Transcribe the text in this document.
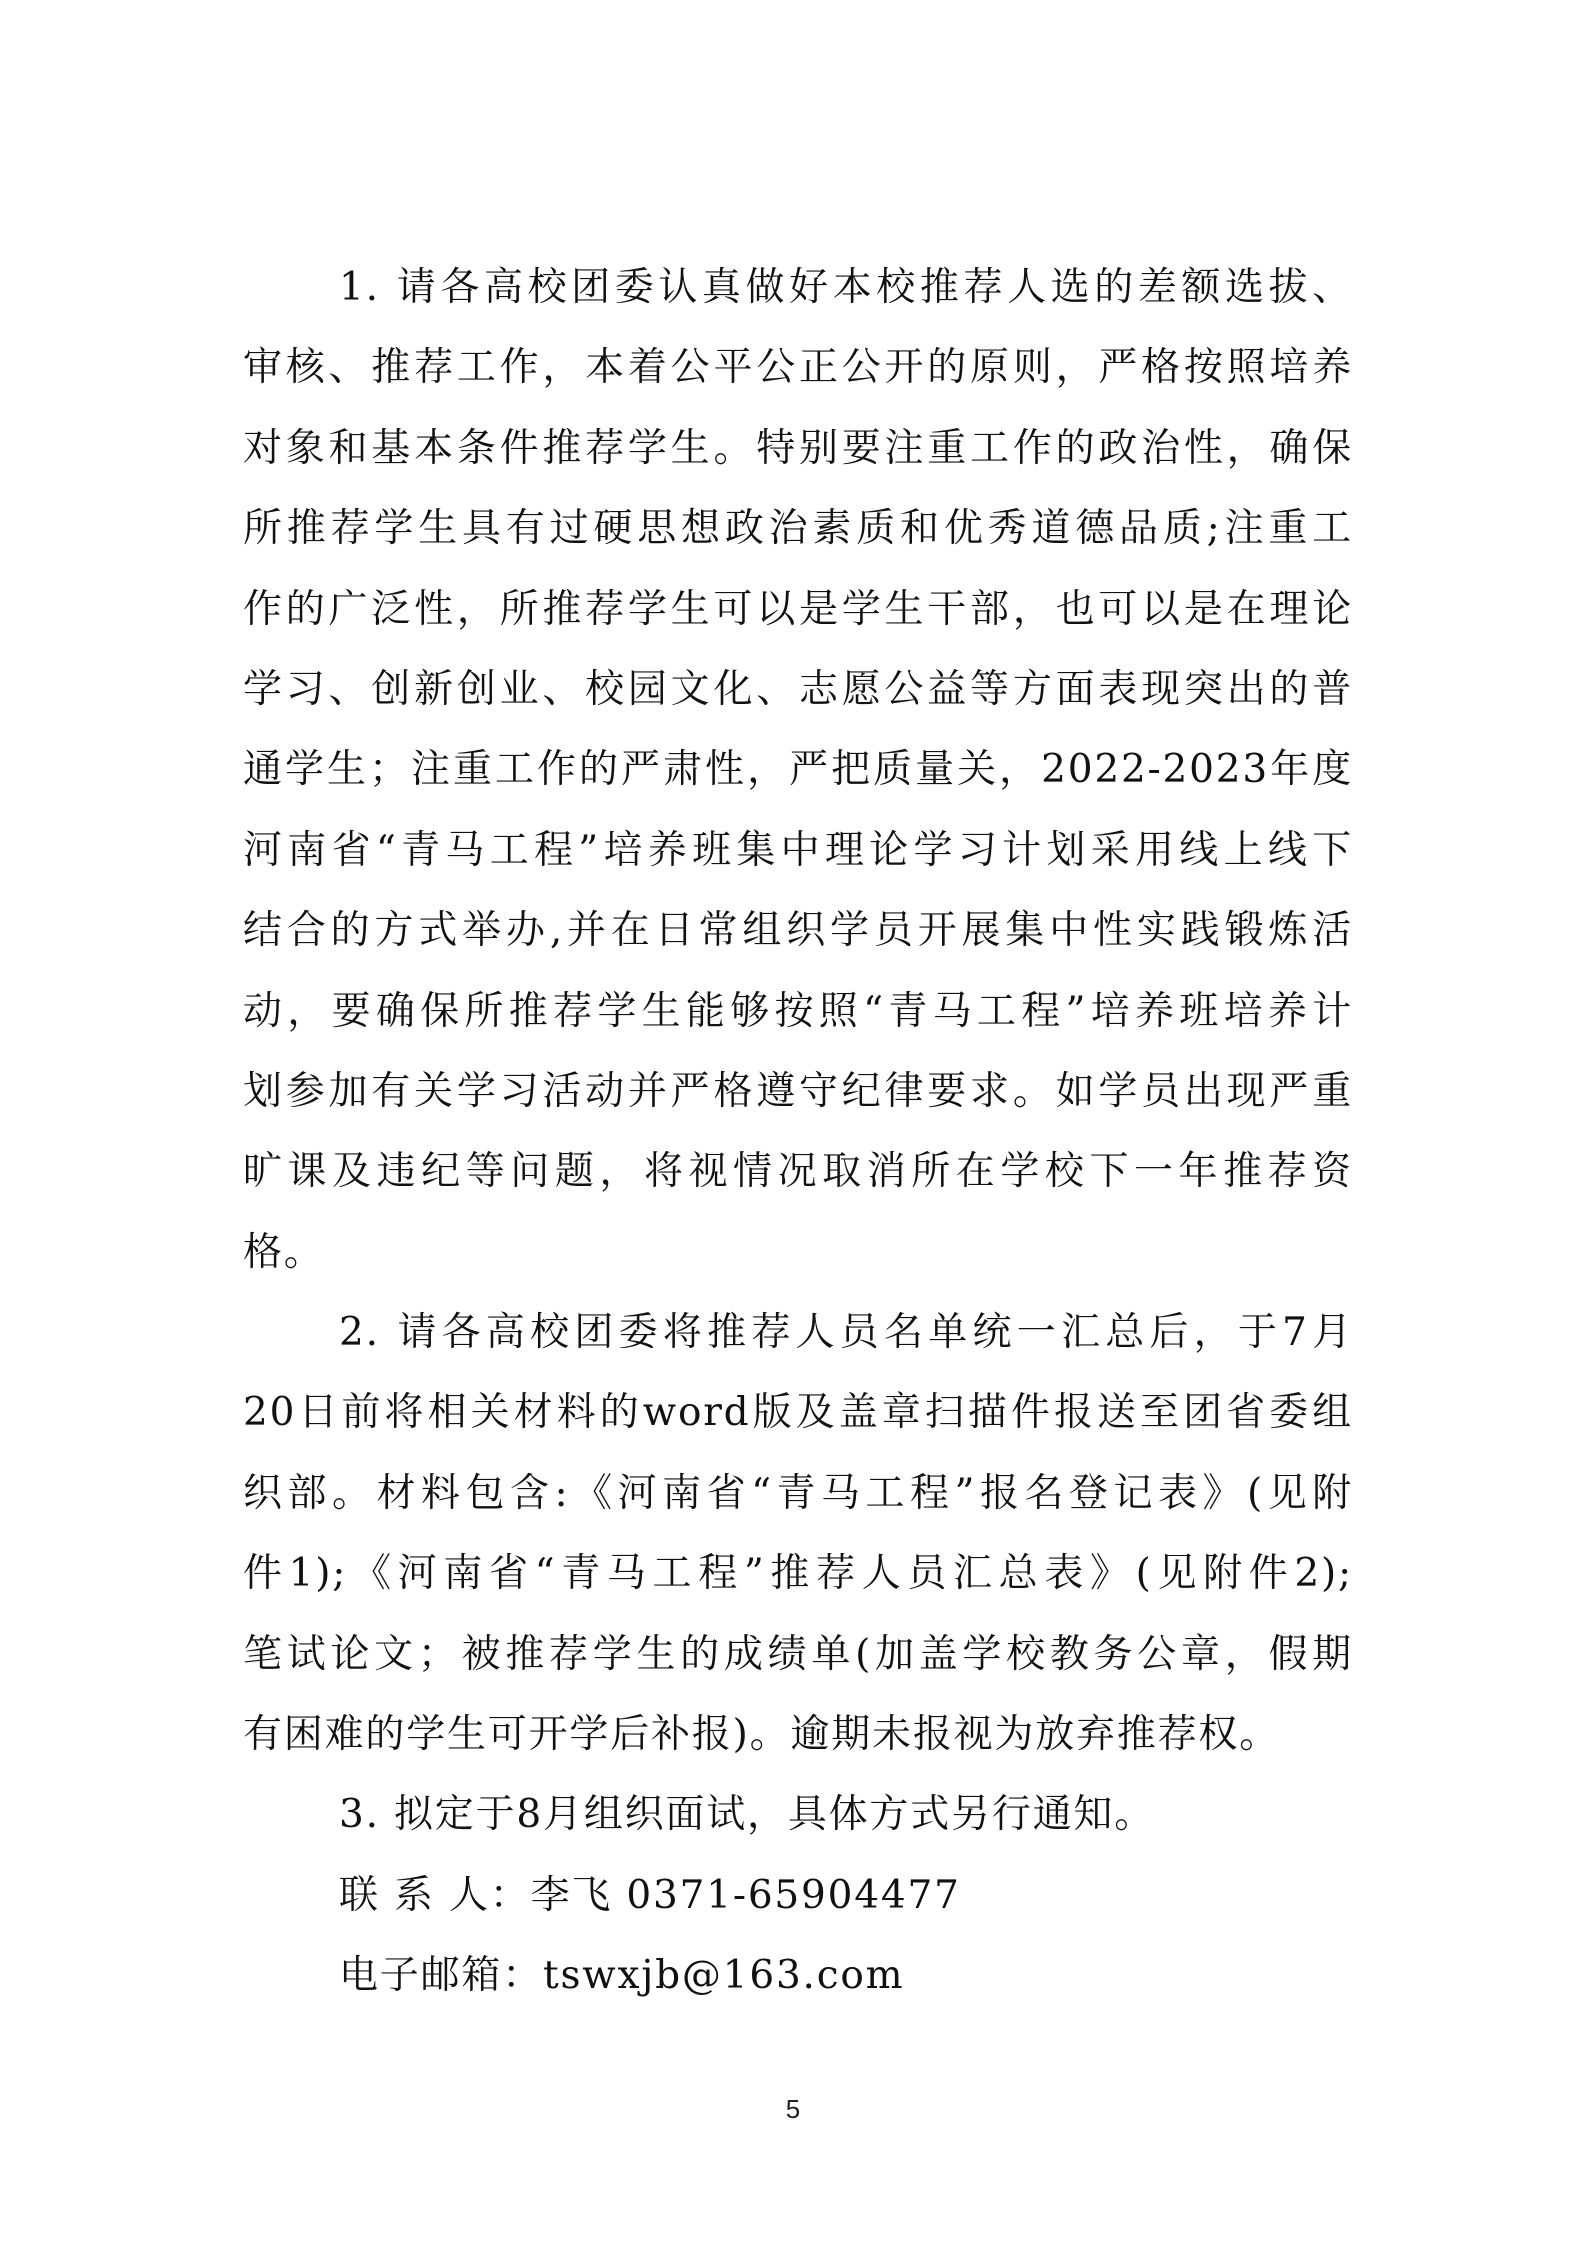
1. 请各高校团委认真做好本校推荐人选的差额选拔、
审核、推荐工作，本着公平公正公开的原则，严格按照培养
对象和基本条件推荐学生。特别要注重工作的政治性，确保
所推荐学生具有过硬思想政治素质和优秀道德品质;注重工
作的广泛性，所推荐学生可以是学生干部，也可以是在理论
学习、创新创业、校园文化、志愿公益等方面表现突出的普
通学生；注重工作的严肃性，严把质量关，2022-2023年度
河南省“青马工程”培养班集中理论学习计划采用线上线下
结合的方式举办,并在日常组织学员开展集中性实践锻炼活
动，要确保所推荐学生能够按照“青马工程”培养班培养计
划参加有关学习活动并严格遵守纪律要求。如学员出现严重
旷课及违纪等问题，将视情况取消所在学校下一年推荐资
格。
2. 请各高校团委将推荐人员名单统一汇总后，于7月
20日前将相关材料的word版及盖章扫描件报送至团省委组
织部。材料包含:《河南省“青马工程”报名登记表》(见附
件1);《河南省“青马工程”推荐人员汇总表》(见附件2);
笔试论文；被推荐学生的成绩单(加盖学校教务公章，假期
有困难的学生可开学后补报)。逾期未报视为放弃推荐权。
3. 拟定于8月组织面试，具体方式另行通知。
联 系 人：李飞 0371-65904477
电子邮箱：tswxjb@163.com
5
